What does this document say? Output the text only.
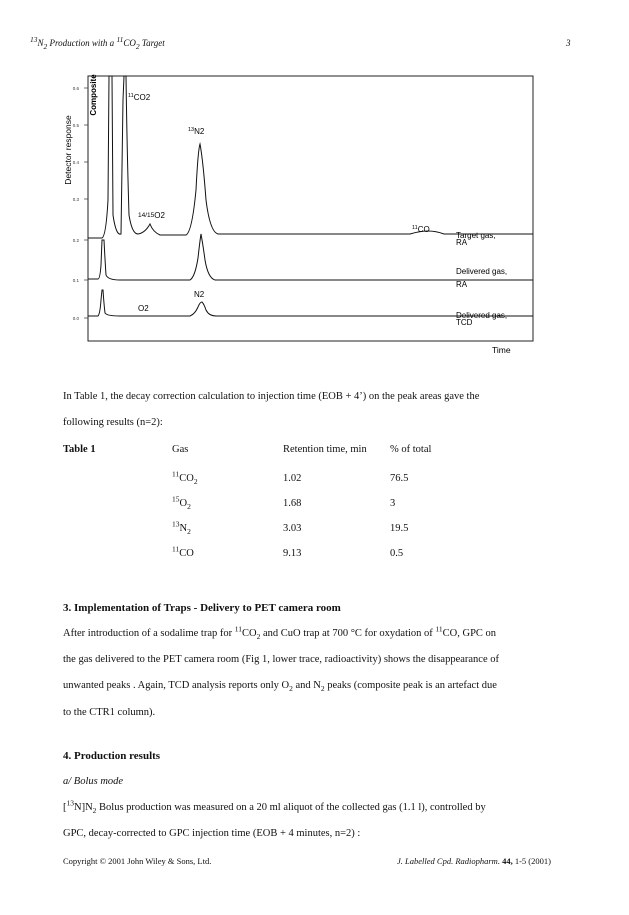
$^{13}N_2$ Production with a $^{11}CO_2$ Target	3
0.6
0.5
0.4
0.3
0.2
0.1
0.0
Detector response
Composite
Time
$^{11}$CO2
$^{13}$N2
14/15O2
$^{11}$CO
N2
O2
Target gas,
RA
Delivered gas,
RA
Delivered gas,
TCD
In Table 1, the decay correction calculation to injection time (EOB + 4’) on the peak areas gave the
following results (n=2):
Table 1	Gas	Retention time, min % of total
$^{11}CO_2$	1.02	76.5
$^{15}O_2$	1.68	3
$^{13}N_2$	3.03	19.5
$^{11}$CO	9.13	0.5
3. Implementation of Traps - Delivery to PET camera room
After introduction of a sodalime trap for $^{11}CO_2$ and CuO trap at 700 °C for oxydation of $^{11}$CO, GPC on
the gas delivered to the PET camera room (Fig 1, lower trace, radioactivity) shows the disappearance of
unwanted peaks . Again, TCD analysis reports only $O_2$ and $N_2$ peaks (composite peak is an artefact due
to the CTR1 column).
4. Production results
a/ Bolus mode
$[^{13}N]N_2$ Bolus production was measured on a 20 ml aliquot of the collected gas (1.1 l), controlled by
GPC, decay-corrected to GPC injection time (EOB + 4 minutes, n=2) :
Copyright © 2001 John Wiley & Sons, Ltd.	J. Labelled Cpd. Radiopharm. 44, 1-5 (2001)
